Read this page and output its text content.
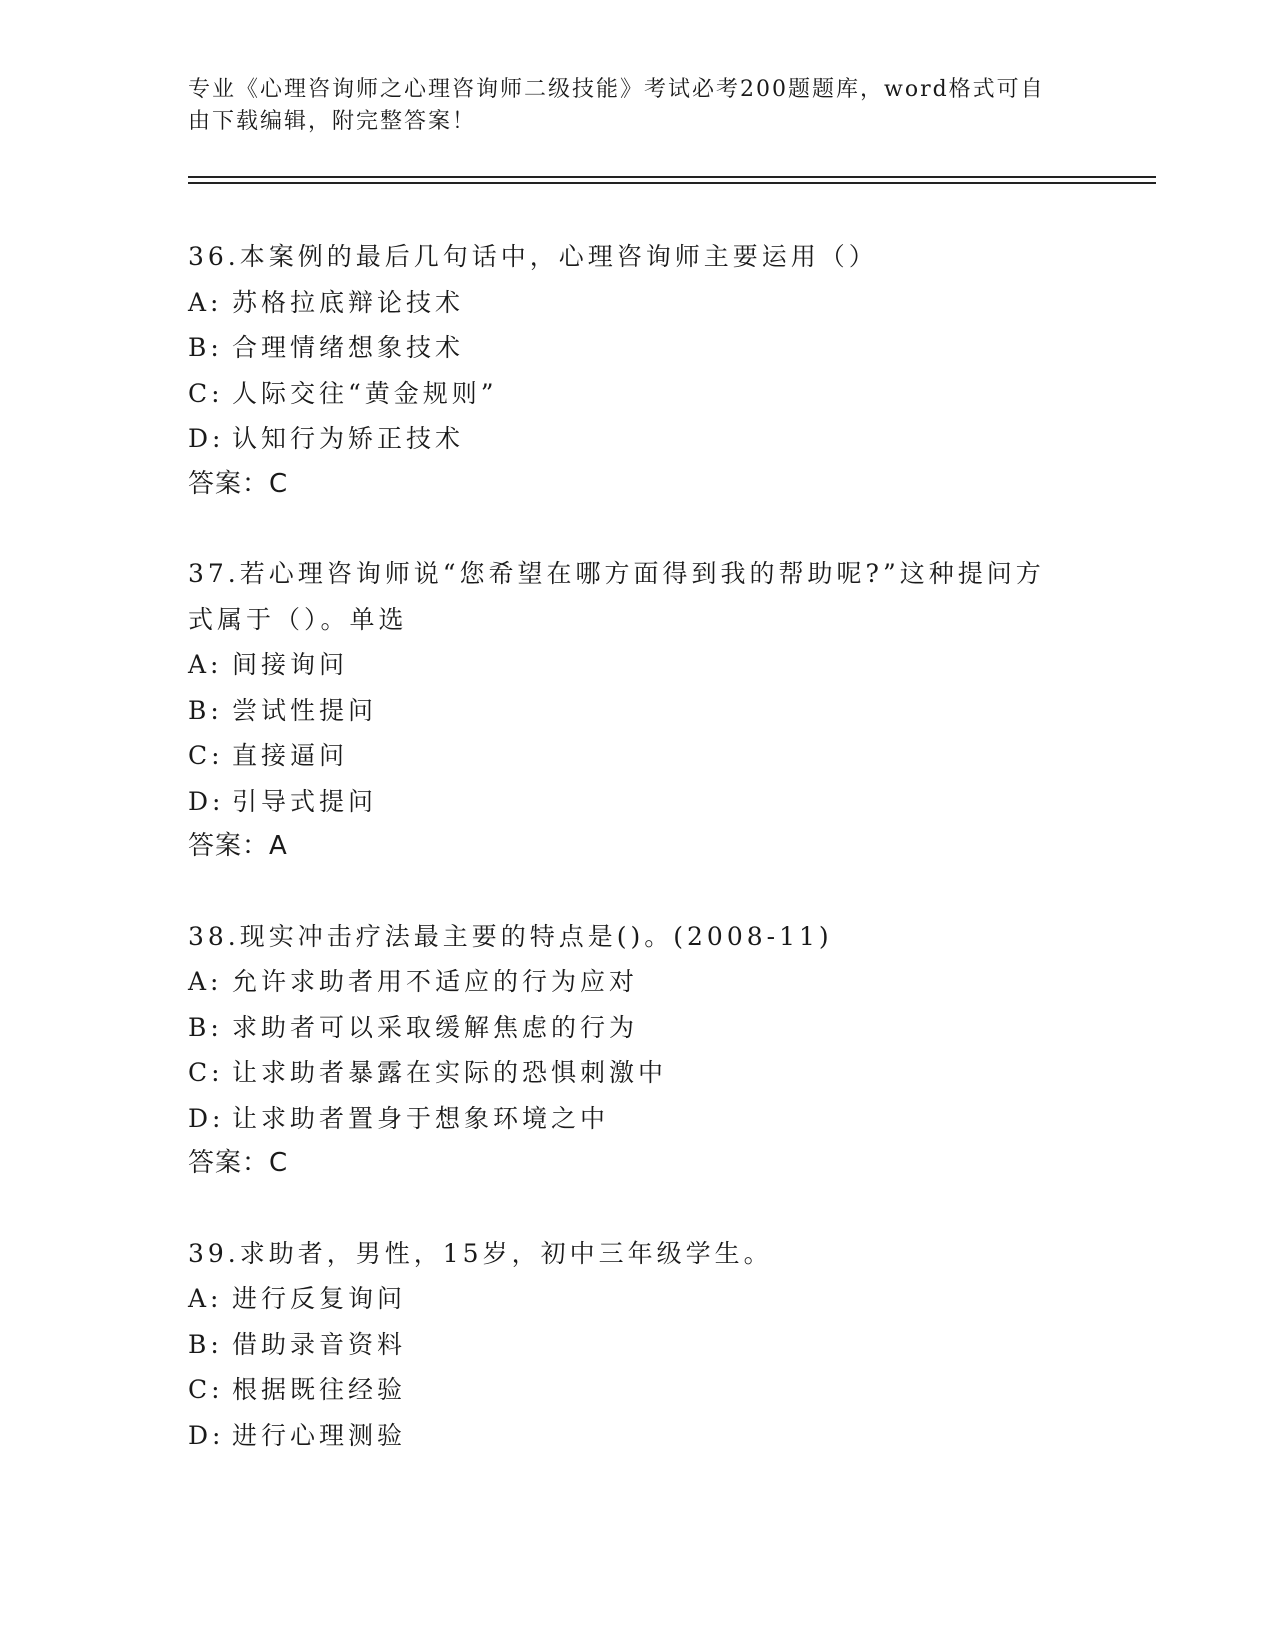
专业《心理咨询师之心理咨询师二级技能》考试必考200题题库，word格式可自由下载编辑，附完整答案！
36.本案例的最后几句话中，心理咨询师主要运用（）
A: 苏格拉底辩论技术
B: 合理情绪想象技术
C: 人际交往“黄金规则”
D: 认知行为矫正技术
答案：C
37.若心理咨询师说“您希望在哪方面得到我的帮助呢?”这种提问方式属于（）。单选
A: 间接询问
B: 尝试性提问
C: 直接逼问
D: 引导式提问
答案：A
38.现实冲击疗法最主要的特点是()。(2008-11)
A: 允许求助者用不适应的行为应对
B: 求助者可以采取缓解焦虑的行为
C: 让求助者暴露在实际的恐惧刺激中
D: 让求助者置身于想象环境之中
答案：C
39.求助者，男性，15岁，初中三年级学生。
A: 进行反复询问
B: 借助录音资料
C: 根据既往经验
D: 进行心理测验
